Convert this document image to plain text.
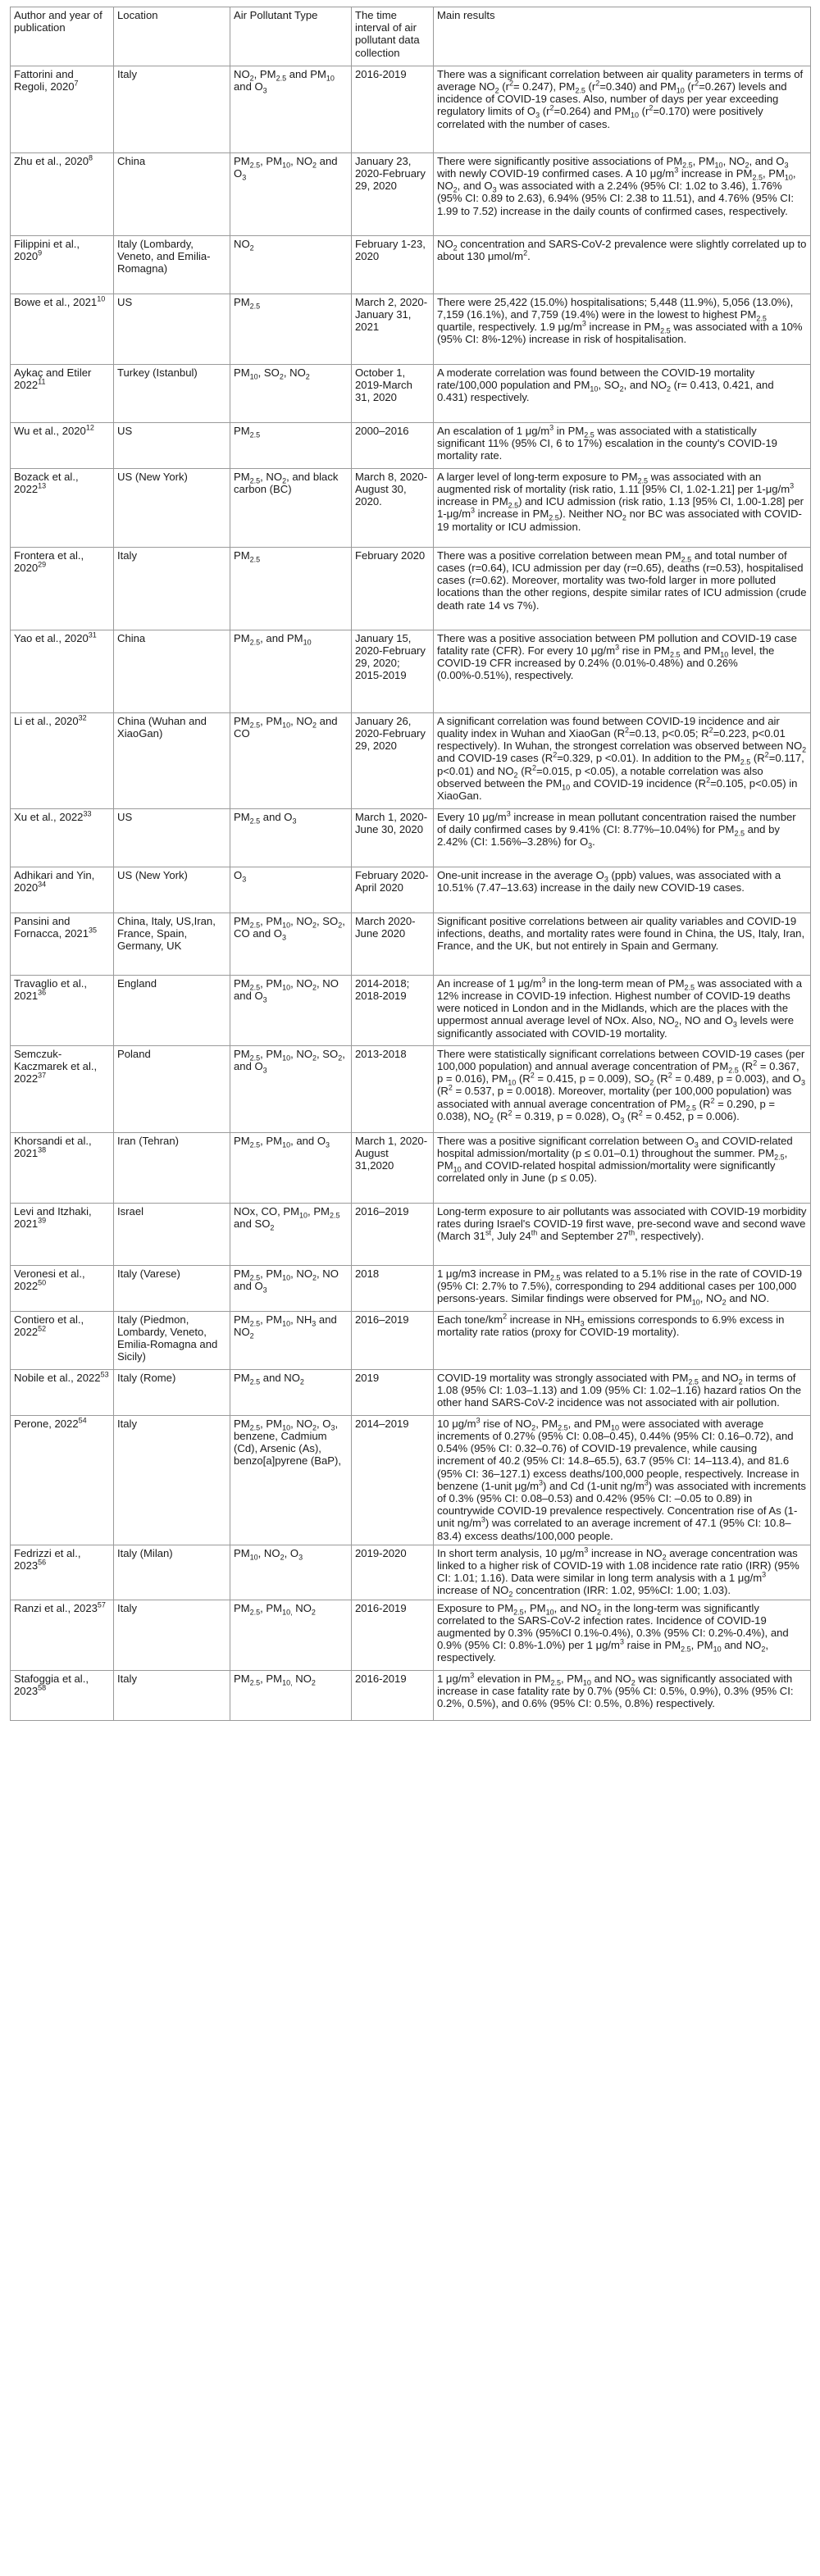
Author and year of publication	Location	Air Pollutant Type	The time interval of air pollutant data collection	Main results
Fattorini and Regoli, 2020$^7$	Italy	$NO_2$, $PM_{2.5}$ and $PM_{10}$ and $O_3$	2016-2019	There was a significant correlation between air quality parameters in terms of average $NO_2$ $(r^2= 0.247)$, $PM_{2.5}$ $(r^2=0.340)$ and $PM_{10}$ $(r^2=0.267)$ levels and incidence of COVID-19 cases. Also, number of days per year exceeding regulatory limits of $O_3$ $(r^2=0.264)$ and $PM_{10}$ $(r^2=0.170)$ were positively correlated with the number of cases.
Zhu et al., 2020$^8$	China	$PM_{2.5}$, $PM_{10}$, $NO_2$ and $O_3$	January 23, 2020-February 29, 2020	There were significantly positive associations of $PM_{2.5}$, $PM_{10}$, $NO_2$, and $O_3$ with newly COVID-19 confirmed cases. A 10 $\mu g/m^3$ increase in $PM_{2.5}$, $PM_{10}$, $NO_2$, and $O_3$ was associated with a 2.24% (95% CI: 1.02 to 3.46), 1.76% (95% CI: 0.89 to 2.63), 6.94% (95% CI: 2.38 to 11.51), and 4.76% (95% CI: 1.99 to 7.52) increase in the daily counts of confirmed cases, respectively.
Filippini et al., 2020$^9$	Italy (Lombardy, Veneto, and Emilia-Romagna)	$NO_2$	February 1-23, 2020	$NO_2$ concentration and SARS-CoV-2 prevalence were slightly correlated up to about 130 μmol/$m^2$.
Bowe et al., 2021$^{10}$	US	$PM_{2.5}$	March 2, 2020-January 31, 2021	There were 25,422 (15.0%) hospitalisations; 5,448 (11.9%), 5,056 (13.0%), 7,159 (16.1%), and 7,759 (19.4%) were in the lowest to highest $PM_{2.5}$ quartile, respectively. 1.9 $\mu g/m^3$ increase in $PM_{2.5}$ was associated with a 10% (95% CI: 8%-12%) increase in risk of hospitalisation.
Aykaç and Etiler 2022$^{11}$	Turkey (Istanbul)	$PM_{10}$, $SO_2$, $NO_2$	October 1, 2019-March 31, 2020	A moderate correlation was found between the COVID-19 mortality rate/100,000 population and $PM_{10}$, $SO_2$, and $NO_2$ (r= 0.413, 0.421, and 0.431) respectively.
Wu et al., 2020$^{12}$	US	$PM_{2.5}$	2000–2016	An escalation of 1 $\mu g/m^3$ in $PM_{2.5}$ was associated with a statistically significant 11% (95% CI, 6 to 17%) escalation in the county's COVID-19 mortality rate.
Bozack et al., 2022$^{13}$	US (New York)	$PM_{2.5}$, $NO_2$, and black carbon (BC)	March 8, 2020-August 30, 2020.	A larger level of long-term exposure to $PM_{2.5}$ was associated with an augmented risk of mortality (risk ratio, 1.11 [95% CI, 1.02-1.21] per $1-\mu g/m^3$ increase in $PM_{2.5}$) and ICU admission (risk ratio, 1.13 [95% CI, 1.00-1.28] per $1-\mu g/m^3$ increase in $PM_{2.5}$). Neither $NO_2$ nor BC was associated with COVID-19 mortality or ICU admission.
Frontera et al., 2020$^{29}$	Italy	$PM_{2.5}$	February 2020	There was a positive correlation between mean $PM_{2.5}$ and total number of cases (r=0.64), ICU admission per day (r=0.65), deaths (r=0.53), hospitalised cases (r=0.62). Moreover, mortality was two-fold larger in more polluted locations than the other regions, despite similar rates of ICU admission (crude death rate 14 vs 7%).
Yao et al., 2020$^{31}$	China	$PM_{2.5}$, and $PM_{10}$	January 15, 2020-February 29, 2020; 2015-2019	There was a positive association between PM pollution and COVID-19 case fatality rate (CFR). For every 10 $\mu g/m^3$ rise in $PM_{2.5}$ and $PM_{10}$ level, the COVID-19 CFR increased by 0.24% (0.01%-0.48%) and 0.26% (0.00%-0.51%), respectively.
Li et al., 2020$^{32}$	China (Wuhan and XiaoGan)	$PM_{2.5}$, $PM_{10}$, $NO_2$ and CO	January 26, 2020-February 29, 2020	A significant correlation was found between COVID-19 incidence and air quality index in Wuhan and XiaoGan ($R^2=0.13$, p<0.05; $R^2=0.223$, p<0.01 respectively). In Wuhan, the strongest correlation was observed between $NO_2$ and COVID-19 cases ($R^2=0.329$, p <0.01). In addition to the $PM_{2.5}$ ($R^2=0.117$, p<0.01) and $NO_2$ ($R^2=0.015$, p <0.05), a notable correlation was also observed between the $PM_{10}$ and COVID-19 incidence ($R^2=0.105$, p<0.05) in XiaoGan.
Xu et al., 2022$^{33}$	US	$PM_{2.5}$ and $O_3$	March 1, 2020-June 30, 2020	Every 10 $\mu g/m^3$ increase in mean pollutant concentration raised the number of daily confirmed cases by 9.41% (CI: 8.77%–10.04%) for $PM_{2.5}$ and by 2.42% (CI: 1.56%–3.28%) for $O_3$.
Adhikari and Yin, 2020$^{34}$	US (New York)	$O_3$	February 2020-April 2020	One-unit increase in the average $O_3$ (ppb) values, was associated with a 10.51% (7.47–13.63) increase in the daily new COVID-19 cases.
Pansini and Fornacca, 2021$^{35}$	China, Italy, US,Iran, France, Spain, Germany, UK	$PM_{2.5}$, $PM_{10}$, $NO_2$, $SO_2$, CO and $O_3$	March 2020-June 2020	Significant positive correlations between air quality variables and COVID-19 infections, deaths, and mortality rates were found in China, the US, Italy, Iran, France, and the UK, but not entirely in Spain and Germany.
Travaglio et al., 2021$^{36}$	England	$PM_{2.5}$, $PM_{10}$, $NO_2$, NO and $O_3$	2014-2018; 2018-2019	An increase of 1 $\mu g/m^3$ in the long-term mean of $PM_{2.5}$ was associated with a 12% increase in COVID-19 infection. Highest number of COVID-19 deaths were noticed in London and in the Midlands, which are the places with the uppermost annual average level of NOx. Also, $NO_2$, NO and $O_3$ levels were significantly associated with COVID-19 mortality.
Semczuk-Kaczmarek et al., 2022$^{37}$	Poland	$PM_{2.5}$, $PM_{10}$, $NO_2$, $SO_2$, and $O_3$	2013-2018	There were statistically significant correlations between COVID-19 cases (per 100,000 population) and annual average concentration of $PM_{2.5}$ ($R^2 = 0.367$, p = 0.016), $PM_{10}$ ($R^2 = 0.415$, p = 0.009), $SO_2$ ($R^2 = 0.489$, p = 0.003), and $O_3$ ($R^2 = 0.537$, p = 0.0018). Moreover, mortality (per 100,000 population) was associated with annual average concentration of $PM_{2.5}$ ($R^2 = 0.290$, p = 0.038), $NO_2$ ($R^2 = 0.319$, p = 0.028), $O_3$ ($R^2 = 0.452$, p = 0.006).
Khorsandi et al., 2021$^{38}$	Iran (Tehran)	$PM_{2.5}$, $PM_{10}$, and $O_3$	March 1, 2020-August 31,2020	There was a positive significant correlation between $O_3$ and COVID-related hospital admission/mortality (p ≤ 0.01–0.1) throughout the summer. $PM_{2.5}$, $PM_{10}$ and COVID-related hospital admission/mortality were significantly correlated only in June (p ≤ 0.05).
Levi and Itzhaki, 2021$^{39}$	Israel	NOx, CO, $PM_{10}$, $PM_{2.5}$ and $SO_2$	2016–2019	Long-term exposure to air pollutants was associated with COVID-19 morbidity rates during Israel's COVID-19 first wave, pre-second wave and second wave (March 31st, July 24th and September 27th, respectively).
Veronesi et al., 2022$^{50}$	Italy (Varese)	$PM_{2.5}$, $PM_{10}$, $NO_2$, NO and $O_3$	2018	1 μg/m3 increase in $PM_{2.5}$ was related to a 5.1% rise in the rate of COVID-19 (95% CI: 2.7% to 7.5%), corresponding to 294 additional cases per 100,000 persons-years. Similar findings were observed for $PM_{10}$, $NO_2$ and NO.
Contiero et al., 2022$^{52}$	Italy (Piedmon, Lombardy, Veneto, Emilia-Romagna and Sicily)	$PM_{2.5}$, $PM_{10}$, $NH_3$ and $NO_2$	2016–2019	Each tone/$km^2$ increase in $NH_3$ emissions corresponds to 6.9% excess in mortality rate ratios (proxy for COVID-19 mortality).
Nobile et al., 2022$^{53}$	Italy (Rome)	$PM_{2.5}$ and $NO_2$	2019	COVID-19 mortality was strongly associated with $PM_{2.5}$ and $NO_2$ in terms of 1.08 (95% CI: 1.03–1.13) and 1.09 (95% CI: 1.02–1.16) hazard ratios On the other hand SARS-CoV-2 incidence was not associated with air pollution.
Perone, 2022$^{54}$	Italy	$PM_{2.5}$, $PM_{10}$, $NO_2$, $O_3$, benzene, Cadmium (Cd), Arsenic (As), benzo[a]pyrene (BaP),	2014–2019	10 $\mu g/m^3$ rise of $NO_2$, $PM_{2.5}$, and $PM_{10}$ were associated with average increments of 0.27% (95% CI: 0.08–0.45), 0.44% (95% CI: 0.16–0.72), and 0.54% (95% CI: 0.32–0.76) of COVID-19 prevalence, while causing increment of 40.2 (95% CI: 14.8–65.5), 63.7 (95% CI: 14–113.4), and 81.6 (95% CI: 36–127.1) excess deaths/100,000 people, respectively. Increase in benzene (1-unit $\mu g/m^3$) and Cd (1-unit $ng/m^3$) was associated with increments of 0.3% (95% CI: 0.08–0.53) and 0.42% (95% CI: –0.05 to 0.89) in countrywide COVID-19 prevalence respectively. Concentration rise of As (1-unit $ng/m^3$) was correlated to an average increment of 47.1 (95% CI: 10.8–83.4) excess deaths/100,000 people.
Fedrizzi et al., 2023$^{56}$	Italy (Milan)	$PM_{10}$, $NO_2$, $O_3$	2019-2020	In short term analysis, 10 $\mu g/m^3$ increase in $NO_2$ average concentration was linked to a higher risk of COVID-19 with 1.08 incidence rate ratio (IRR) (95% CI: 1.01; 1.16). Data were similar in long term analysis with a 1 $\mu g/m^3$ increase of $NO_2$ concentration (IRR: 1.02, 95%CI: 1.00; 1.03).
Ranzi et al., 2023$^{57}$	Italy	$PM_{2.5}$, $PM_{10,}$ $NO_2$	2016-2019	Exposure to $PM_{2.5}$, $PM_{10}$, and $NO_2$ in the long-term was significantly correlated to the SARS-CoV-2 infection rates. Incidence of COVID-19 augmented by 0.3% (95%CI 0.1%-0.4%), 0.3% (95% CI: 0.2%-0.4%), and 0.9% (95% CI: 0.8%-1.0%) per 1 $\mu g/m^3$ raise in $PM_{2.5}$, $PM_{10}$ and $NO_2$, respectively.
Stafoggia et al., 2023$^{58}$	Italy	$PM_{2.5}$, $PM_{10,}$ $NO_2$	2016-2019	1 $\mu g/m^3$ elevation in $PM_{2.5}$, $PM_{10}$ and $NO_2$ was significantly associated with increase in case fatality rate by 0.7% (95% CI: 0.5%, 0.9%), 0.3% (95% CI: 0.2%, 0.5%), and 0.6% (95% CI: 0.5%, 0.8%) respectively.
